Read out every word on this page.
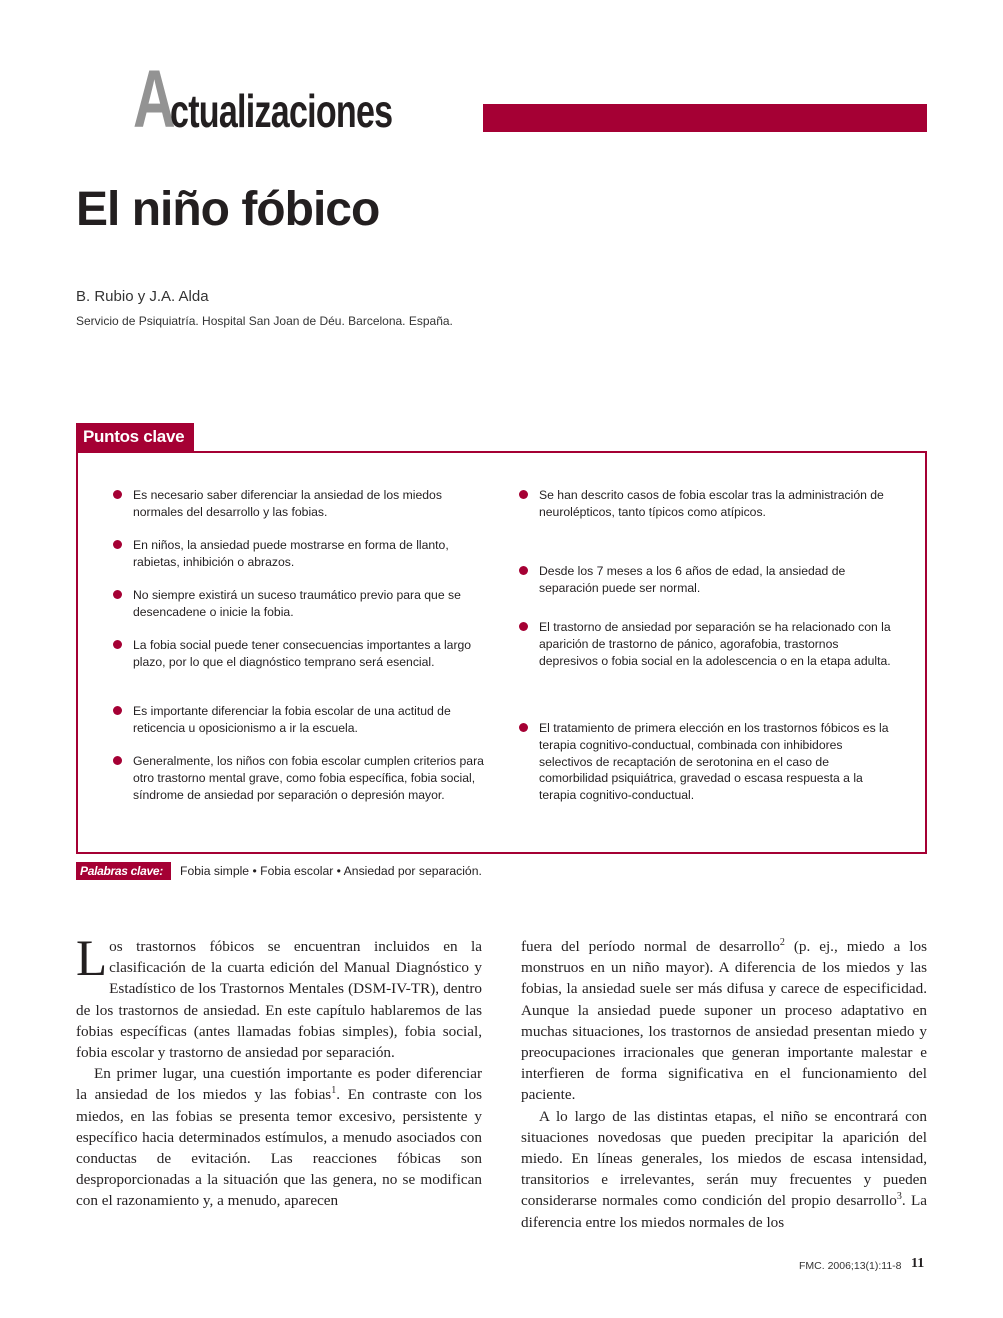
A
ctualizaciones
El niño fóbico
B. Rubio y J.A. Alda
Servicio de Psiquiatría. Hospital San Joan de Déu. Barcelona. España.
Puntos clave
Es necesario saber diferenciar la ansiedad de los miedos normales del desarrollo y las fobias.
En niños, la ansiedad puede mostrarse en forma de llanto, rabietas, inhibición o abrazos.
No siempre existirá un suceso traumático previo para que se desencadene o inicie la fobia.
La fobia social puede tener consecuencias importantes a largo plazo, por lo que el diagnóstico temprano será esencial.
Es importante diferenciar la fobia escolar de una actitud de reticencia u oposicionismo a ir la escuela.
Generalmente, los niños con fobia escolar cumplen criterios para otro trastorno mental grave, como fobia específica, fobia social, síndrome de ansiedad por separación o depresión mayor.
Se han descrito casos de fobia escolar tras la administración de neurolépticos, tanto típicos como atípicos.
Desde los 7 meses a los 6 años de edad, la ansiedad de separación puede ser normal.
El trastorno de ansiedad por separación se ha relacionado con la aparición de trastorno de pánico, agorafobia, trastornos depresivos o fobia social en la adolescencia o en la etapa adulta.
El tratamiento de primera elección en los trastornos fóbicos es la terapia cognitivo-conductual, combinada con inhibidores selectivos de recaptación de serotonina en el caso de comorbilidad psiquiátrica, gravedad o escasa respuesta a la terapia cognitivo-conductual.
Palabras clave:	Fobia simple • Fobia escolar • Ansiedad por separación.

Los trastornos fóbicos se encuentran incluidos en la clasificación de la cuarta edición del Manual Diagnóstico y Estadístico de los Trastornos Mentales (DSM-IV-TR), dentro de los trastornos de ansiedad. En este capítulo hablaremos de las fobias específicas (antes llamadas fobias simples), fobia social, fobia escolar y trastorno de ansiedad por separación.

En primer lugar, una cuestión importante es poder diferenciar la ansiedad de los miedos y las fobias$^1$. En contraste con los miedos, en las fobias se presenta temor excesivo, persistente y específico hacia determinados estímulos, a menudo asociados con conductas de evitación. Las reacciones fóbicas son desproporcionadas a la situación que las genera, no se modifican con el razonamiento y, a menudo, aparecen

fuera del período normal de desarrollo$^2$ (p. ej., miedo a los monstruos en un niño mayor). A diferencia de los miedos y las fobias, la ansiedad suele ser más difusa y carece de especificidad. Aunque la ansiedad puede suponer un proceso adaptativo en muchas situaciones, los trastornos de ansiedad presentan miedo y preocupaciones irracionales que generan importante malestar e interfieren de forma significativa en el funcionamiento del paciente.

A lo largo de las distintas etapas, el niño se encontrará con situaciones novedosas que pueden precipitar la aparición del miedo. En líneas generales, los miedos de escasa intensidad, transitorios e irrelevantes, serán muy frecuentes y pueden considerarse normales como condición del propio desarrollo$^3$. La diferencia entre los miedos normales de los

FMC. 2006;13(1):11-8 11
